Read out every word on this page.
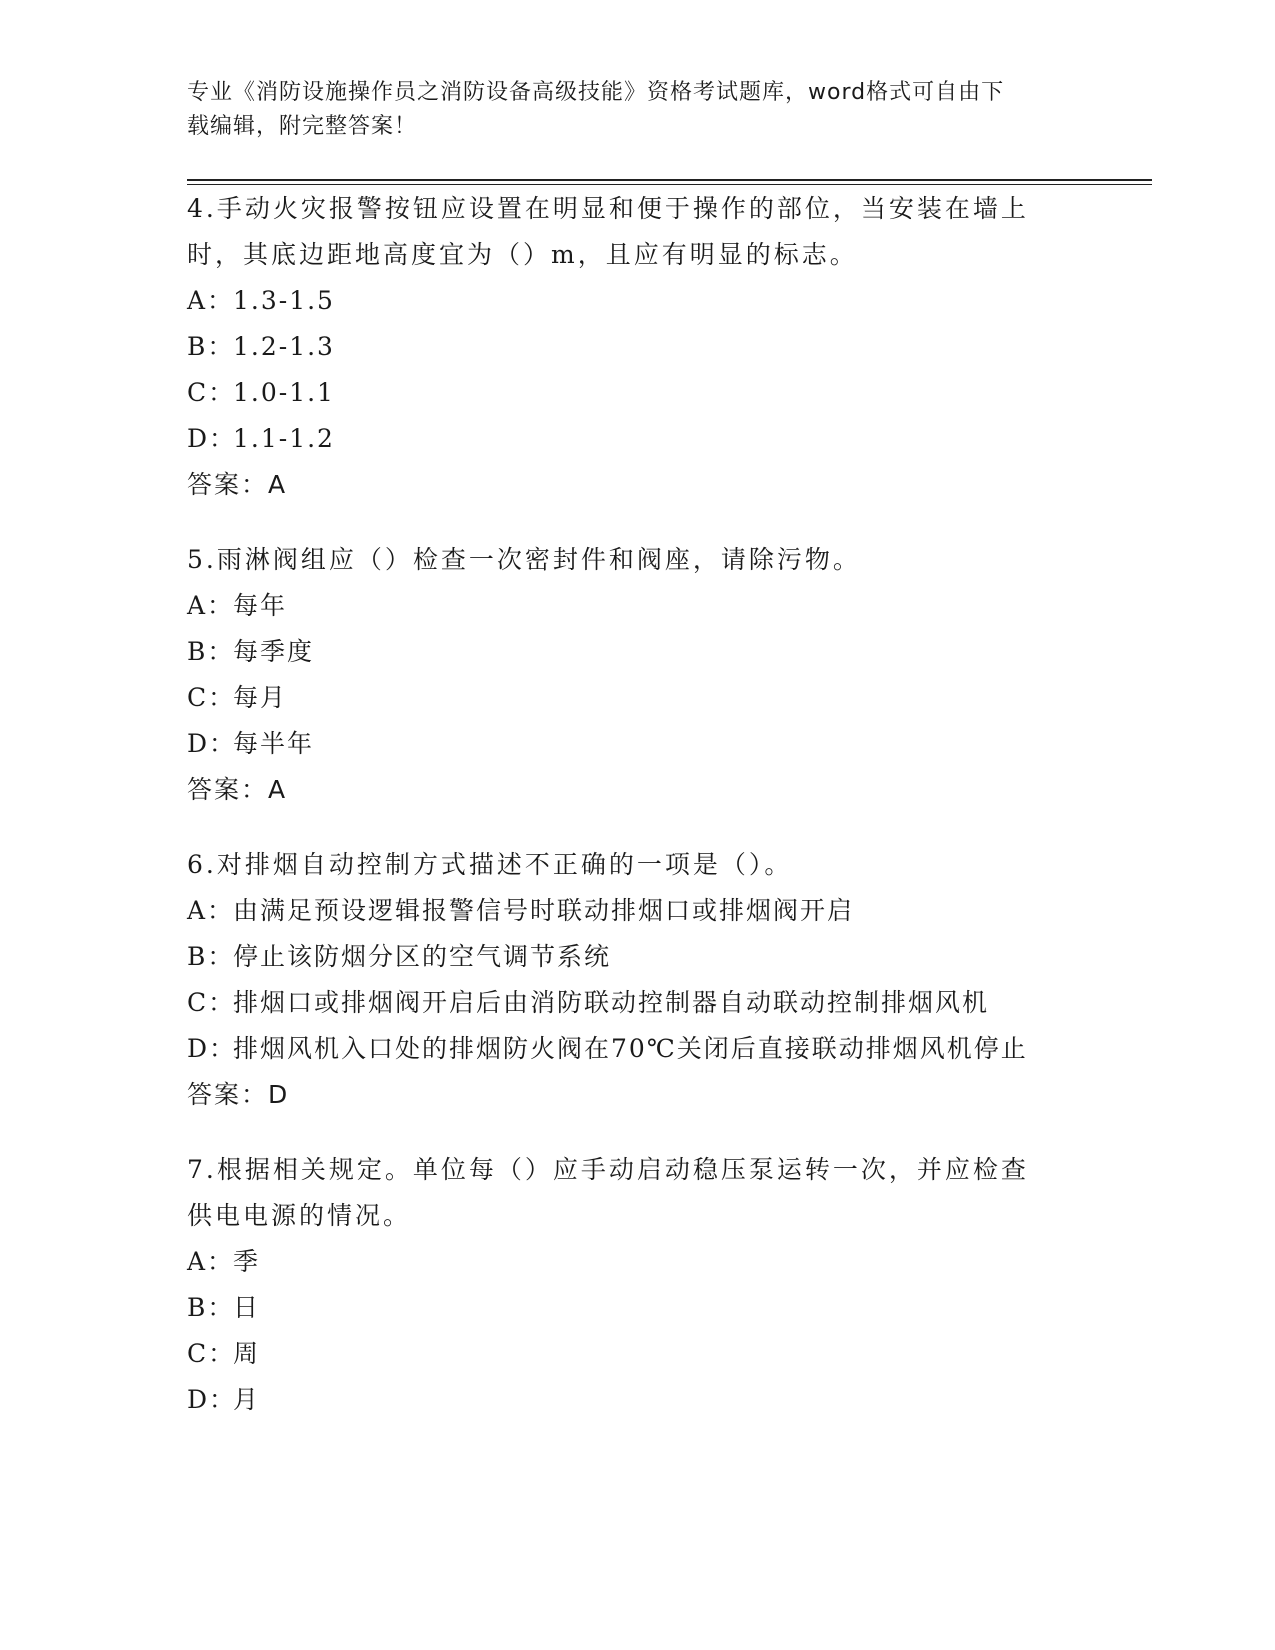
专业《消防设施操作员之消防设备高级技能》资格考试题库，word格式可自由下
载编辑，附完整答案！

4.手动火灾报警按钮应设置在明显和便于操作的部位，当安装在墙上

时，其底边距地高度宜为（）m，且应有明显的标志。

A：1.3-1.5

B：1.2-1.3

C：1.0-1.1

D：1.1-1.2

答案：A

5.雨淋阀组应（）检查一次密封件和阀座，请除污物。

A：每年

B：每季度

C：每月

D：每半年

答案：A

6.对排烟自动控制方式描述不正确的一项是（）。

A：由满足预设逻辑报警信号时联动排烟口或排烟阀开启

B：停止该防烟分区的空气调节系统

C：排烟口或排烟阀开启后由消防联动控制器自动联动控制排烟风机

D：排烟风机入口处的排烟防火阀在70℃关闭后直接联动排烟风机停止

答案：D

7.根据相关规定。单位每（）应手动启动稳压泵运转一次，并应检查

供电电源的情况。

A：季

B：日

C：周

D：月
